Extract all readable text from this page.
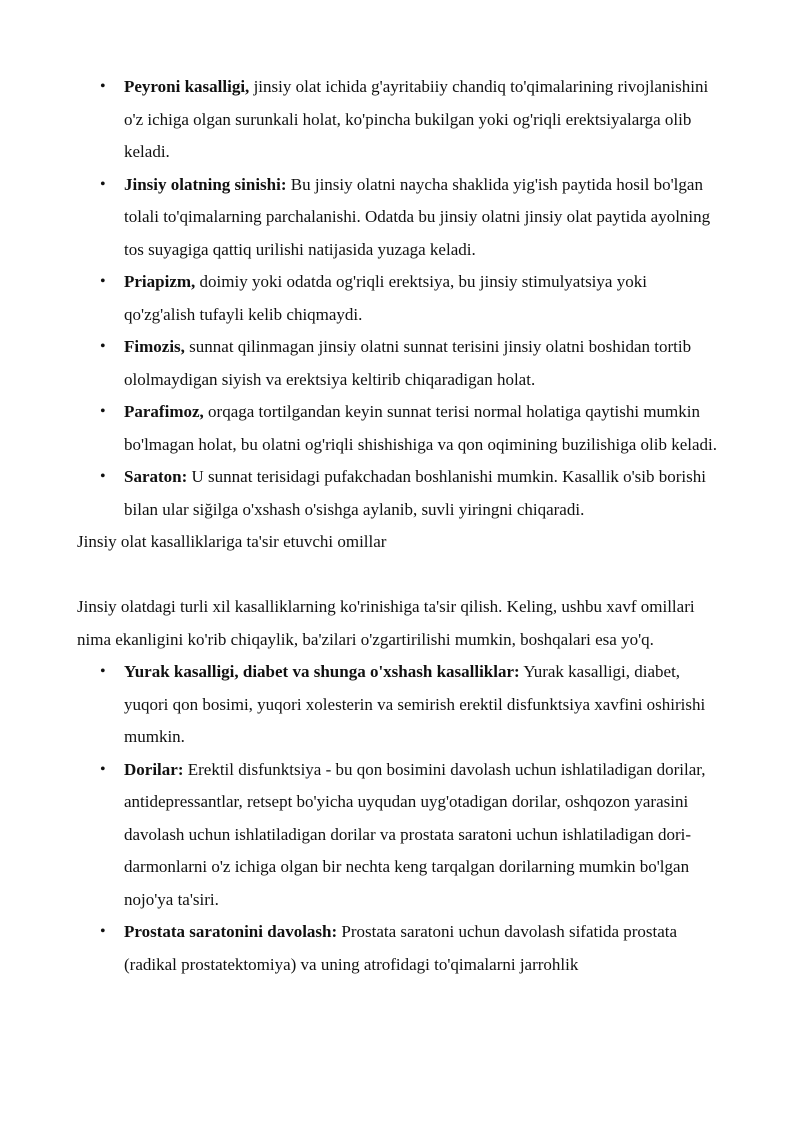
• Peyroni kasalligi, jinsiy olat ichida g'ayritabiiy chandiq to'qimalarining rivojlanishini o'z ichiga olgan surunkali holat, ko'pincha bukilgan yoki og'riqli erektsiyalarga olib keladi.
• Jinsiy olatning sinishi: Bu jinsiy olatni naycha shaklida yig'ish paytida hosil bo'lgan tolali to'qimalarning parchalanishi. Odatda bu jinsiy olatni jinsiy olat paytida ayolning tos suyagiga qattiq urilishi natijasida yuzaga keladi.
• Priapizm, doimiy yoki odatda og'riqli erektsiya, bu jinsiy stimulyatsiya yoki qo'zg'alish tufayli kelib chiqmaydi.
• Fimozis, sunnat qilinmagan jinsiy olatni sunnat terisini jinsiy olatni boshidan tortib ololmaydigan siyish va erektsiya keltirib chiqaradigan holat.
• Parafimoz, orqaga tortilgandan keyin sunnat terisi normal holatiga qaytishi mumkin bo'lmagan holat, bu olatni og'riqli shishishiga va qon oqimining buzilishiga olib keladi.
• Saraton: U sunnat terisidagi pufakchadan boshlanishi mumkin. Kasallik o'sib borishi bilan ular siğilga o'xshash o'sishga aylanib, suvli yiringni chiqaradi.
Jinsiy olat kasalliklariga ta'sir etuvchi omillar
Jinsiy olatdagi turli xil kasalliklarning ko'rinishiga ta'sir qilish. Keling, ushbu xavf omillari nima ekanligini ko'rib chiqaylik, ba'zilari o'zgartirilishi mumkin, boshqalari esa yo'q.
• Yurak kasalligi, diabet va shunga o'xshash kasalliklar: Yurak kasalligi, diabet, yuqori qon bosimi, yuqori xolesterin va semirish erektil disfunktsiya xavfini oshirishi mumkin.
• Dorilar: Erektil disfunktsiya - bu qon bosimini davolash uchun ishlatiladigan dorilar, antidepressantlar, retsept bo'yicha uyqudan uyg'otadigan dorilar, oshqozon yarasini davolash uchun ishlatiladigan dorilar va prostata saratoni uchun ishlatiladigan dori-darmonlarni o'z ichiga olgan bir nechta keng tarqalgan dorilarning mumkin bo'lgan nojo'ya ta'siri.
• Prostata saratonini davolash: Prostata saratoni uchun davolash sifatida prostata (radikal prostatektomiya) va uning atrofidagi to'qimalarni jarrohlik
